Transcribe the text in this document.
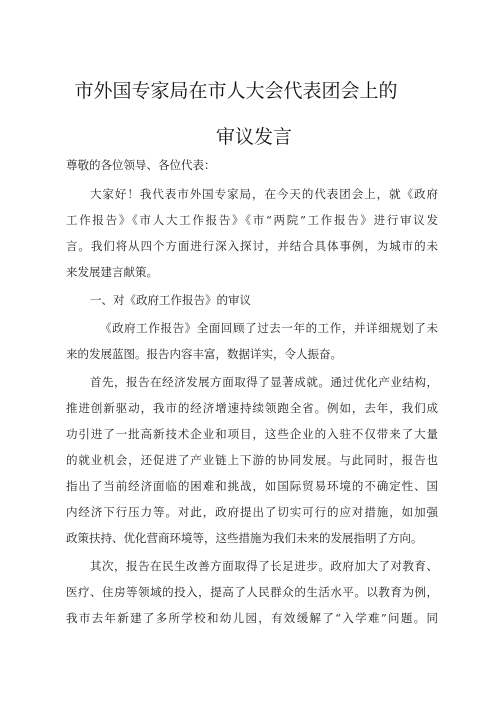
市外国专家局在市人大会代表团会上的
审议发言
尊敬的各位领导、各位代表：
大家好！我代表市外国专家局，在今天的代表团会上，就《政府
工作报告》《市人大工作报告》《市“两院”工作报告》进行审议发
言。我们将从四个方面进行深入探讨，并结合具体事例，为城市的未
来发展建言献策。
一、对《政府工作报告》的审议
《政府工作报告》全面回顾了过去一年的工作，并详细规划了未
来的发展蓝图。报告内容丰富，数据详实，令人振奋。
首先，报告在经济发展方面取得了显著成就。通过优化产业结构，
推进创新驱动，我市的经济增速持续领跑全省。例如，去年，我们成
功引进了一批高新技术企业和项目，这些企业的入驻不仅带来了大量
的就业机会，还促进了产业链上下游的协同发展。与此同时，报告也
指出了当前经济面临的困难和挑战，如国际贸易环境的不确定性、国
内经济下行压力等。对此，政府提出了切实可行的应对措施，如加强
政策扶持、优化营商环境等，这些措施为我们未来的发展指明了方向。
其次，报告在民生改善方面取得了长足进步。政府加大了对教育、
医疗、住房等领域的投入，提高了人民群众的生活水平。以教育为例，
我市去年新建了多所学校和幼儿园，有效缓解了“入学难”问题。同
